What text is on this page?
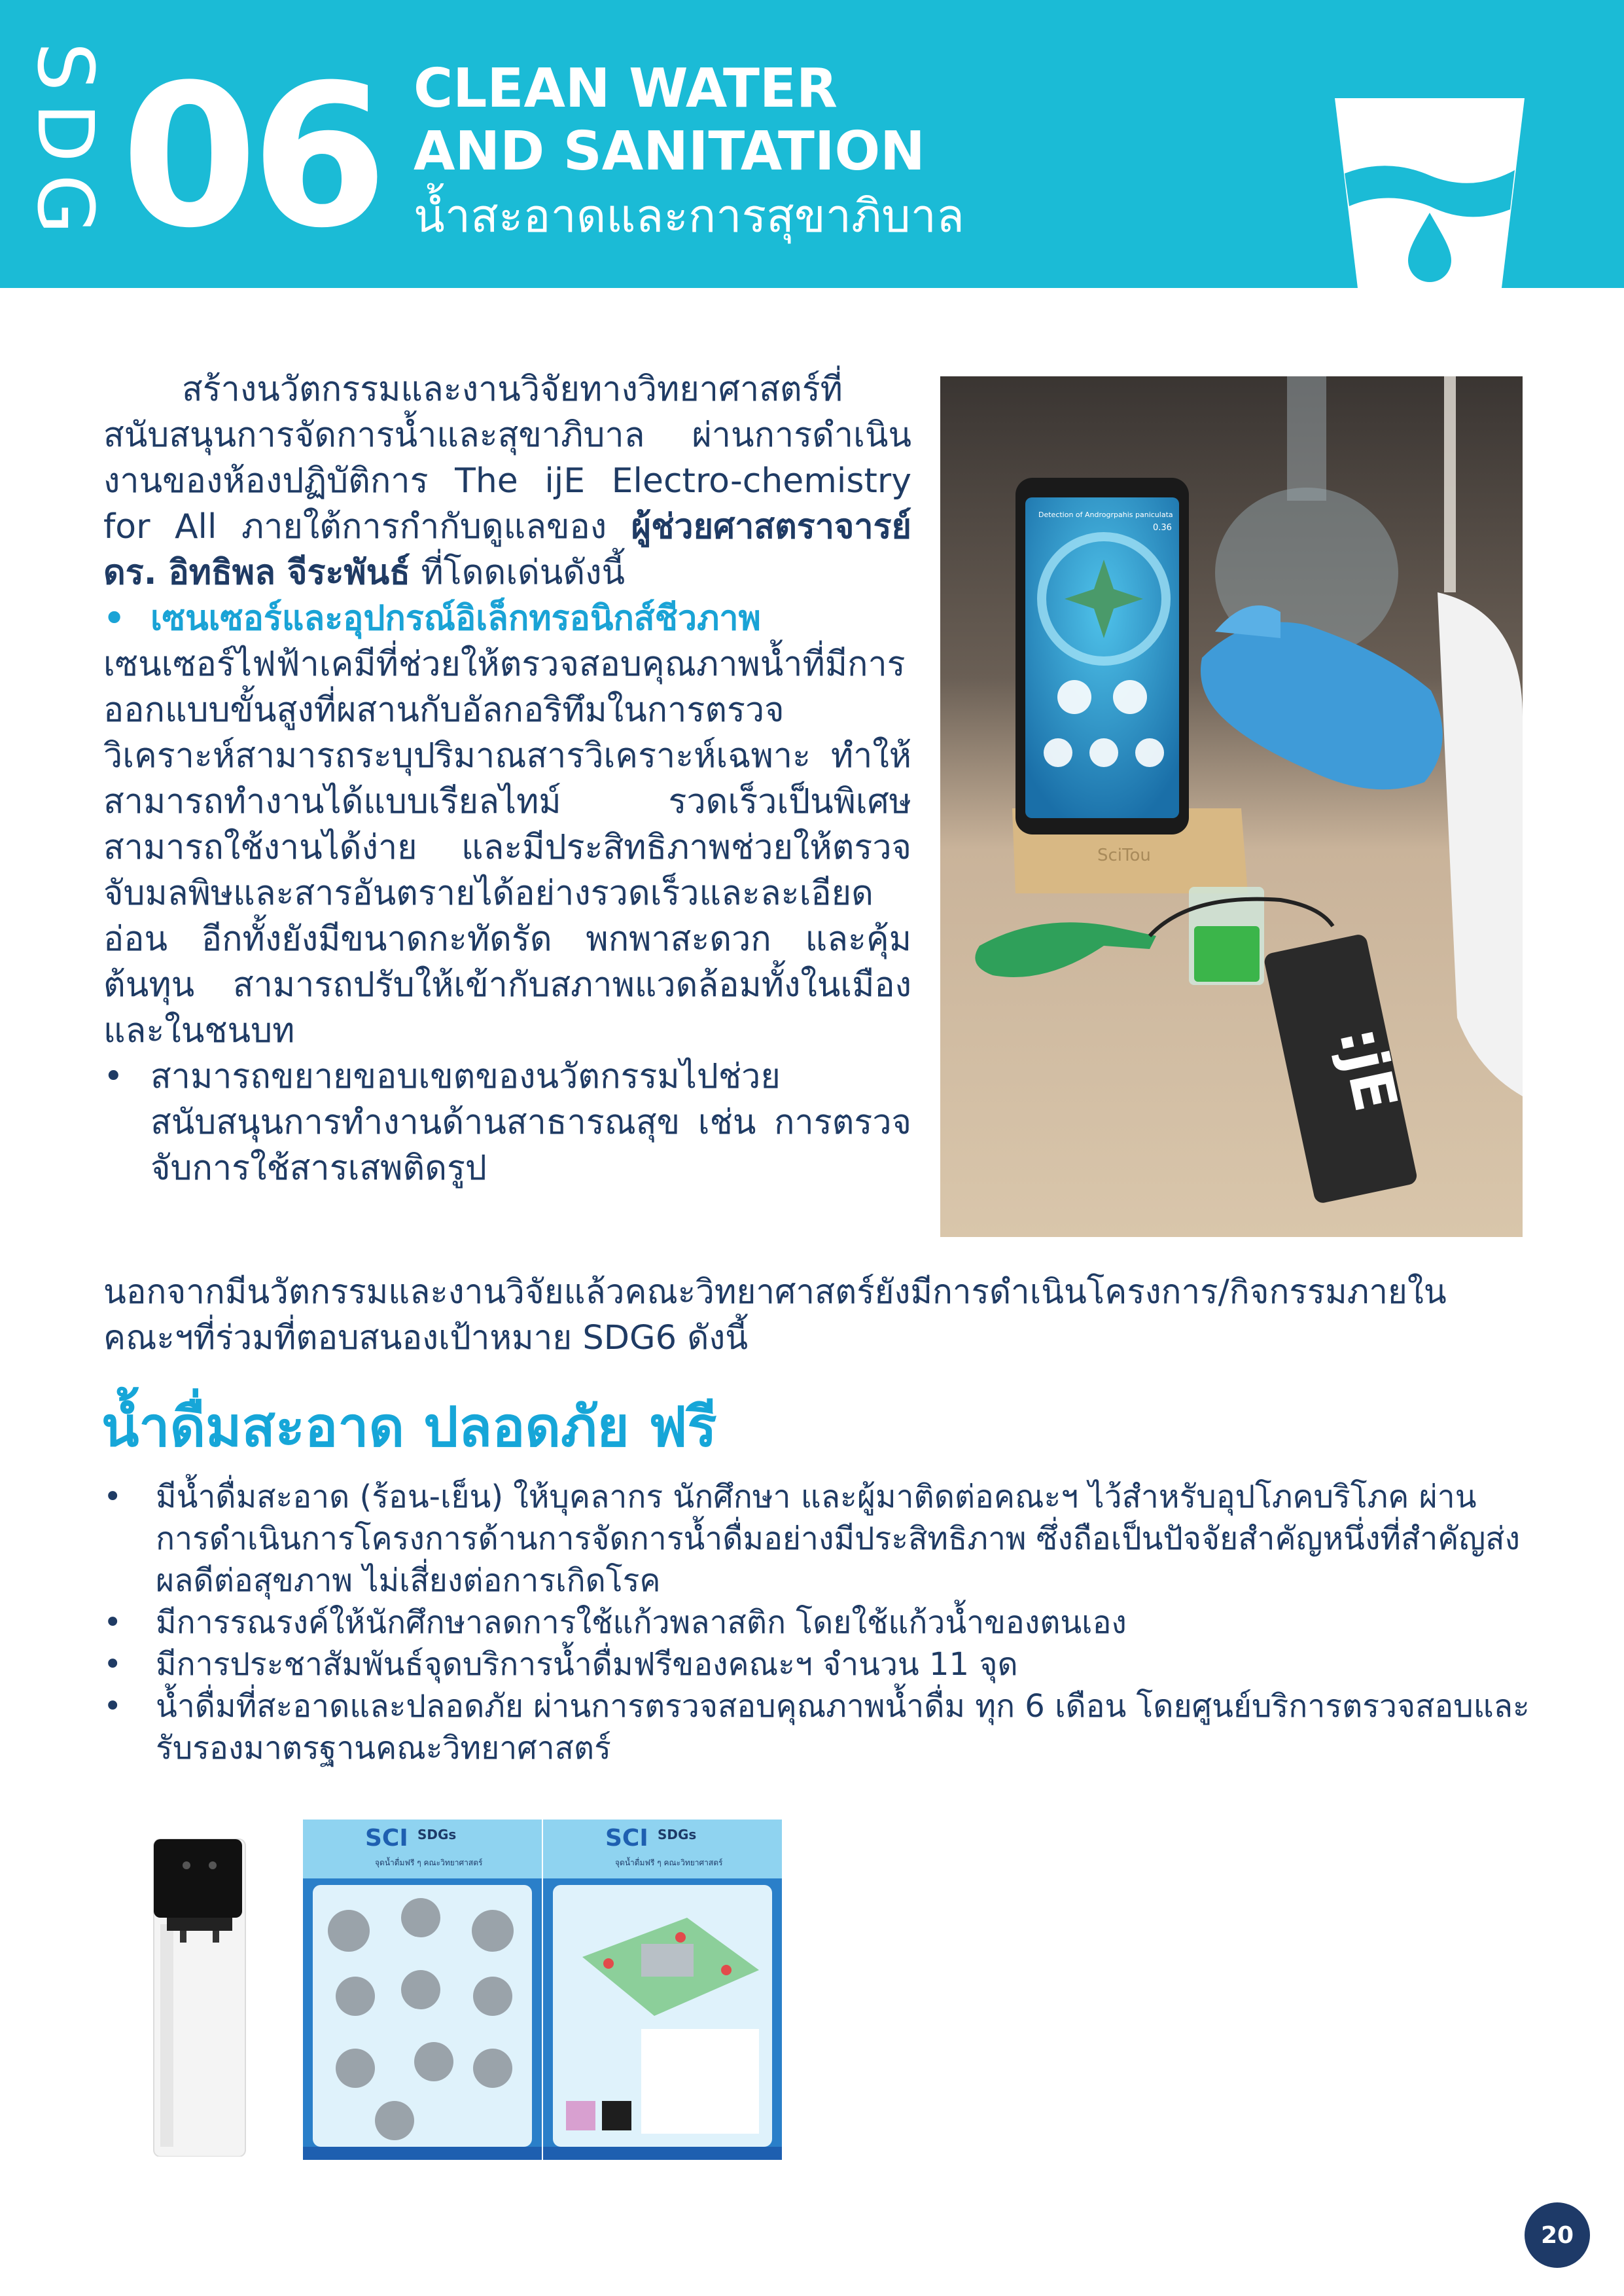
SDG 06 CLEAN WATER
AND SANITATION
น้ำสะอาดและการสุขาภิบาล

สร้างนวัตกรรมและงานวิจัยทางวิทยาศาสตร์ที่สนับสนุนการจัดการน้ำและสุขาภิบาล ผ่านการดำเนินงานของห้องปฏิบัติการ The ijE Electro-chemistry for All ภายใต้การกำกับดูแลของ ผู้ช่วยศาสตราจารย์ ดร. อิทธิพล จีระพันธ์ ที่โดดเด่นดังนี้

• เซนเซอร์และอุปกรณ์อิเล็กทรอนิกส์ชีวภาพ

เซนเซอร์ไฟฟ้าเคมีที่ช่วยให้ตรวจสอบคุณภาพน้ำที่มีการออกแบบขั้นสูงที่ผสานกับอัลกอริทึมในการตรวจวิเคราะห์สามารถระบุปริมาณสารวิเคราะห์เฉพาะ ทำให้สามารถทำงานได้แบบเรียลไทม์ รวดเร็วเป็นพิเศษสามารถใช้งานได้ง่าย และมีประสิทธิภาพช่วยให้ตรวจจับมลพิษและสารอันตรายได้อย่างรวดเร็วและละเอียดอ่อน อีกทั้งยังมีขนาดกะทัดรัด พกพาสะดวก และคุ้มต้นทุน สามารถปรับให้เข้ากับสภาพแวดล้อมทั้งในเมืองและในชนบท

• สามารถขยายขอบเขตของนวัตกรรมไปช่วยสนับสนุนการทำงานด้านสาธารณสุข เช่น การตรวจจับการใช้สารเสพติดรูป
SciTou
Detection of Androgrpahis paniculata
0.36
:jE
นอกจากมีนวัตกรรมและงานวิจัยแล้วคณะวิทยาศาสตร์ยังมีการดำเนินโครงการ/กิจกรรมภายในคณะฯที่ร่วมที่ตอบสนองเป้าหมาย SDG6 ดังนี้
น้ำดื่มสะอาด ปลอดภัย ฟรี
• มีน้ำดื่มสะอาด (ร้อน-เย็น) ให้บุคลากร นักศึกษา และผู้มาติดต่อคณะฯ ไว้สำหรับอุปโภคบริโภค ผ่านการดำเนินการโครงการด้านการจัดการน้ำดื่มอย่างมีประสิทธิภาพ ซึ่งถือเป็นปัจจัยสำคัญหนึ่งที่สำคัญส่งผลดีต่อสุขภาพ ไม่เสี่ยงต่อการเกิดโรค
• มีการรณรงค์ให้นักศึกษาลดการใช้แก้วพลาสติก โดยใช้แก้วน้ำของตนเอง
• มีการประชาสัมพันธ์จุดบริการน้ำดื่มฟรีของคณะฯ จำนวน 11 จุด
• น้ำดื่มที่สะอาดและปลอดภัย ผ่านการตรวจสอบคุณภาพน้ำดื่ม ทุก 6 เดือน โดยศูนย์บริการตรวจสอบและรับรองมาตรฐานคณะวิทยาศาสตร์
SCI SDGs
จุดน้ำดื่มฟรี ๆ คณะวิทยาศาสตร์
SCI SDGs
จุดน้ำดื่มฟรี ๆ คณะวิทยาศาสตร์
20
